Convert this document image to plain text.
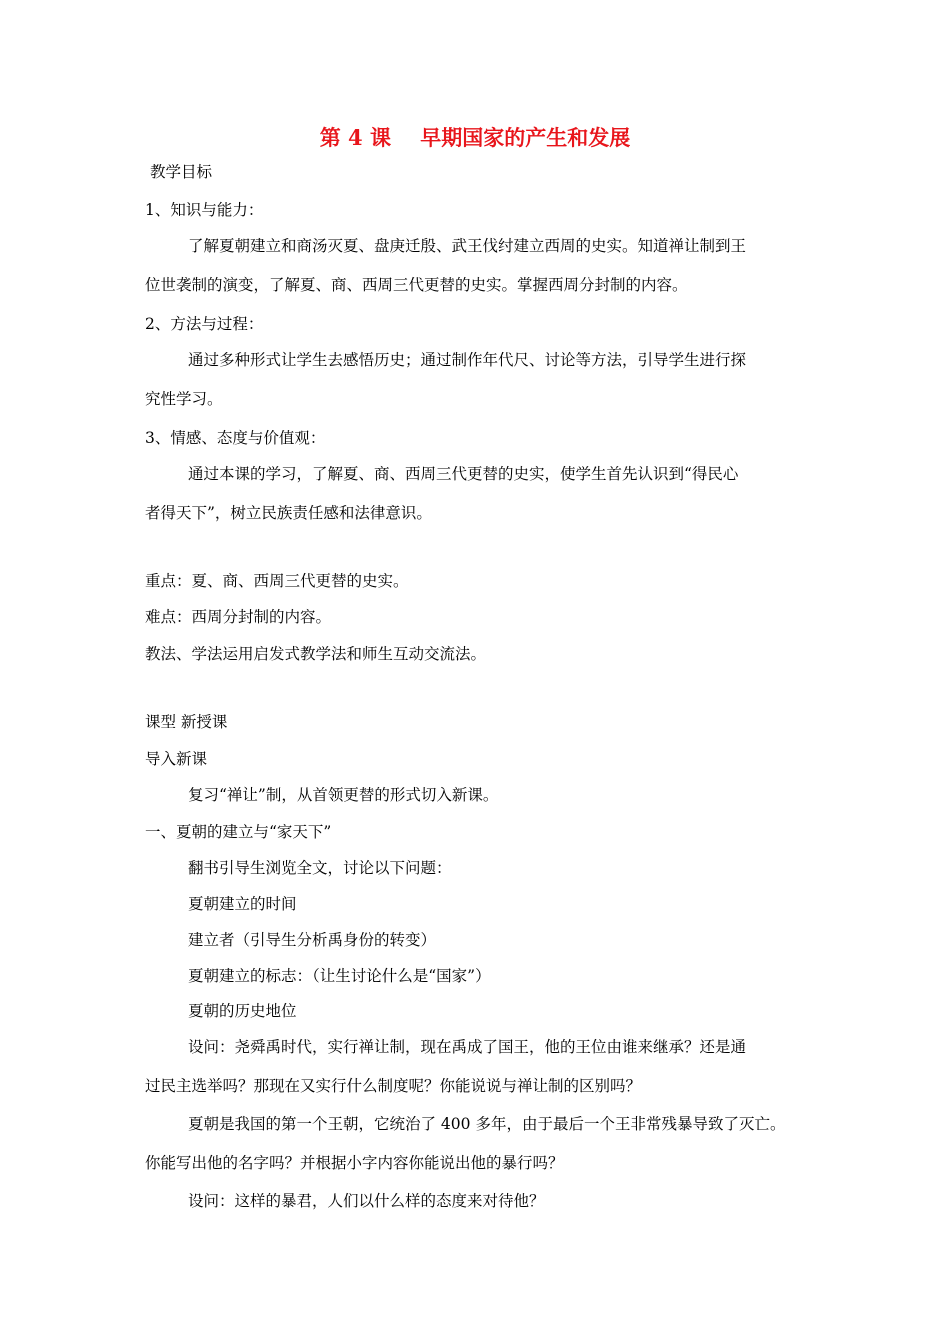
第 4 课    早期国家的产生和发展

教学目标

1、知识与能力：

了解夏朝建立和商汤灭夏、盘庚迁殷、武王伐纣建立西周的史实。知道禅让制到王

位世袭制的演变，了解夏、商、西周三代更替的史实。掌握西周分封制的内容。

2、方法与过程：

通过多种形式让学生去感悟历史；通过制作年代尺、讨论等方法，引导学生进行探

究性学习。

3、情感、态度与价值观：

通过本课的学习，了解夏、商、西周三代更替的史实，使学生首先认识到“得民心

者得天下”，树立民族责任感和法律意识。

重点：夏、商、西周三代更替的史实。

难点：西周分封制的内容。

教法、学法运用启发式教学法和师生互动交流法。

课型 新授课

导入新课

复习“禅让”制，从首领更替的形式切入新课。

一、夏朝的建立与“家天下”

翻书引导生浏览全文，讨论以下问题：

夏朝建立的时间

建立者（引导生分析禹身份的转变）

夏朝建立的标志：（让生讨论什么是“国家”）

夏朝的历史地位

设问：尧舜禹时代，实行禅让制，现在禹成了国王，他的王位由谁来继承？还是通

过民主选举吗？那现在又实行什么制度呢？你能说说与禅让制的区别吗？

夏朝是我国的第一个王朝，它统治了 400 多年，由于最后一个王非常残暴导致了灭亡。

你能写出他的名字吗？并根据小字内容你能说出他的暴行吗？

设问：这样的暴君，人们以什么样的态度来对待他？
